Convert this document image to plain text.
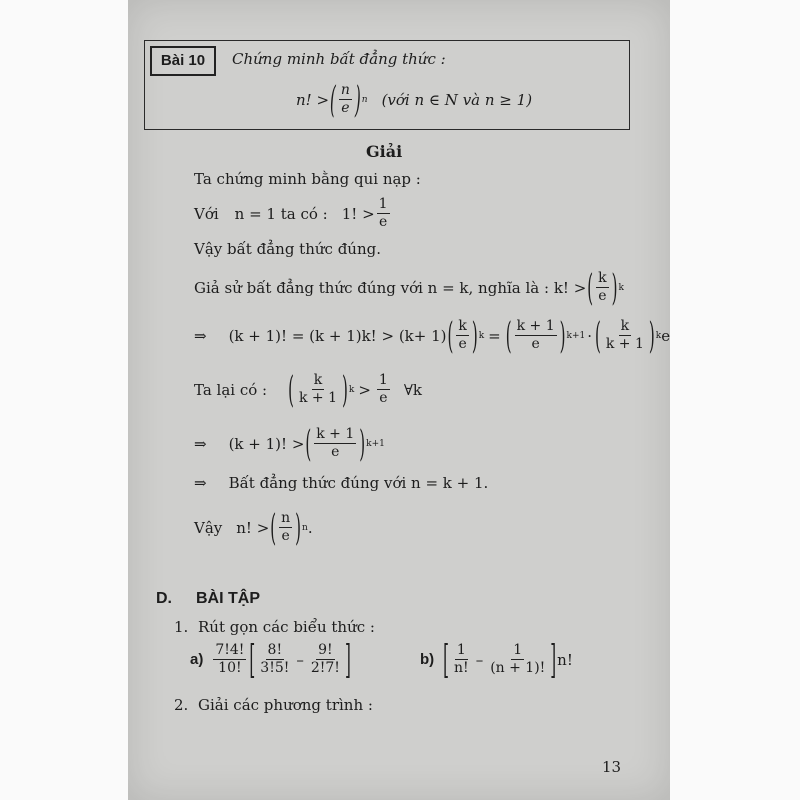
Bài 10	Chứng minh bất đẳng thức :
n! > ( $\frac{n}{e}$ ) n (với n ∈ N và n ≥ 1)
Giải
Ta chứng minh bằng qui nạp :
Với n = 1 ta có : 1! > $\frac{1}{e}$
Vậy bất đẳng thức đúng.
Giả sử bất đẳng thức đúng với n = k, nghĩa là : k! > ( $\frac{k}{e}$ ) k
⇒ (k + 1)! = (k + 1)k! > (k+ 1) ( $\frac{k}{e}$ ) k = ( $\frac{k + 1}{e}$ ) k+1 · ( $\frac{k}{k + 1}$ ) k e
Ta lại có : ( $\frac{k}{k + 1}$ ) $k > \frac{1}{e}$ ∀k
⇒ (k + 1)! > ( $\frac{k + 1}{e}$ ) k+1
⇒ Bất đẳng thức đúng với n = k + 1.
Vậy n! > ( $\frac{n}{e}$ ) n .
D. BÀI TẬP
1. Rút gọn các biểu thức :
$a) \frac{7!4!}{10!}$ [ $\frac{8!}{3!5!} - \frac{9!}{2!7!}$ ]	b) [ $\frac{1}{n!} - \frac{1}{(n + 1)!}$ ] n!
2. Giải các phương trình :
13
